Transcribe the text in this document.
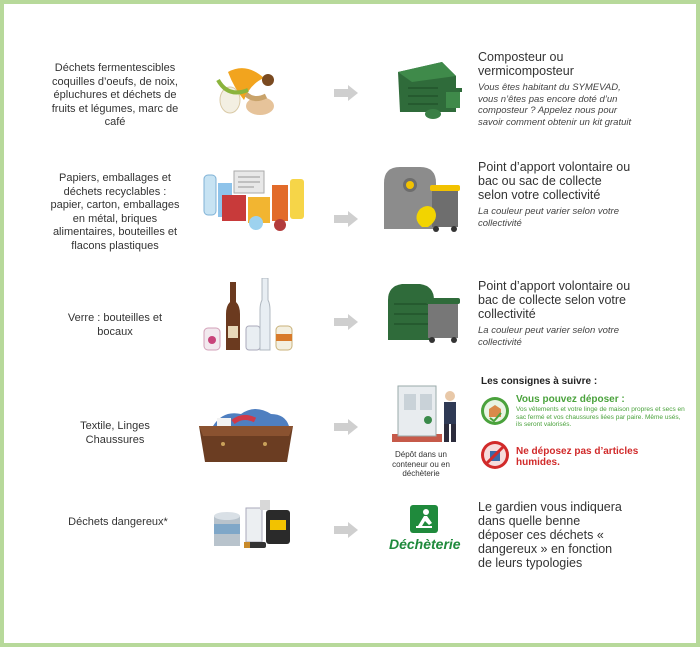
Déchets fermentescibles coquilles d’oeufs, de noix, épluchures et déchets de fruits et légumes, marc de café
Composteur ou vermicomposteur
Vous êtes habitant du SYMEVAD, vous n’êtes pas encore doté d’un composteur ? Appelez nous pour savoir comment obtenir un kit gratuit
Papiers, emballages et déchets recyclables : papier, carton, emballages en métal, briques alimentaires, bouteilles et flacons plastiques
Point d’apport volontaire ou bac ou sac de collecte selon votre collectivité
La couleur peut varier selon votre collectivité
Verre : bouteilles et bocaux
Point d’apport volontaire ou bac de collecte selon votre collectivité
La couleur peut varier selon votre collectivité
Textile, Linges Chaussures
Dépôt dans un conteneur ou en déchèterie
Les consignes à suivre :
Vous pouvez déposer :
Vos vêtements et votre linge de maison propres et secs en sac fermé et vos chaussures liées par paire. Même usés, ils seront valorisés.
Ne déposez pas d’articles humides.
Déchets dangereux*
Déchèterie
Le gardien vous indiquera dans quelle benne déposer ces déchets « dangereux » en fonction de leurs typologies
